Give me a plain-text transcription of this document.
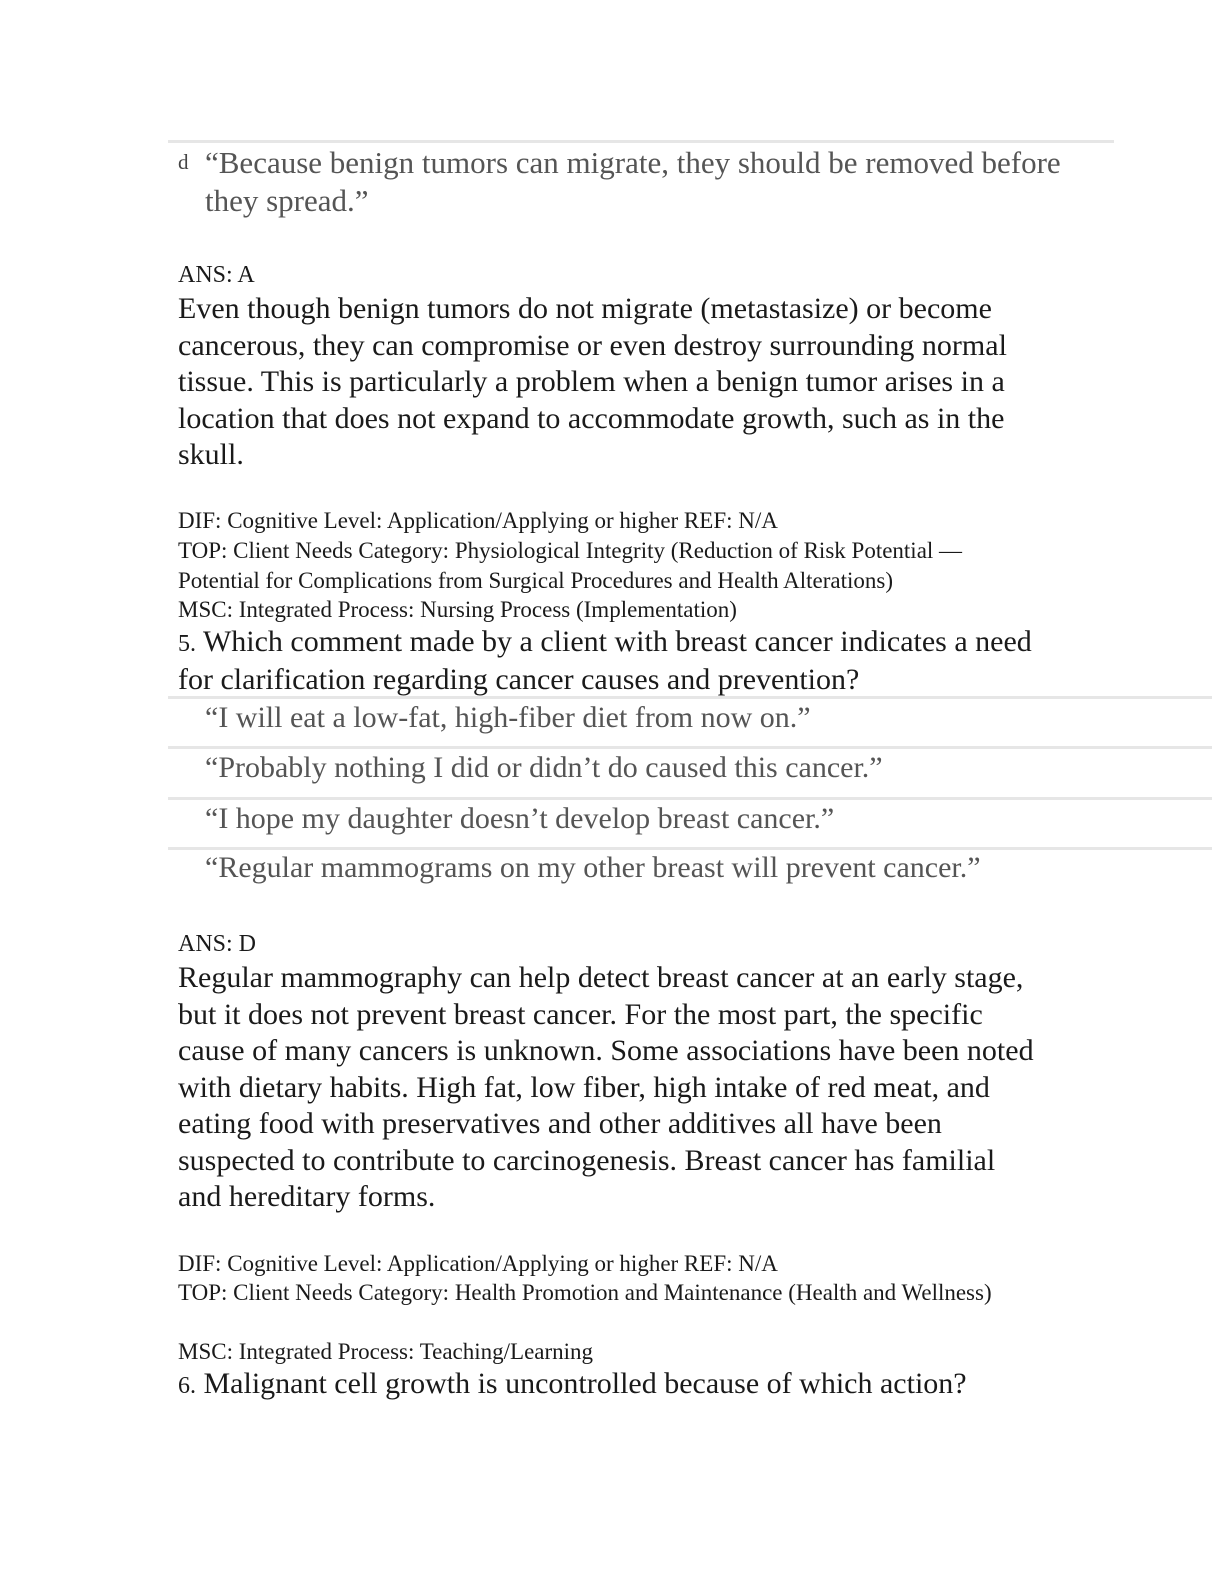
d “Because benign tumors can migrate, they should be removed before they spread.”
ANS: A
Even though benign tumors do not migrate (metastasize) or become cancerous, they can compromise or even destroy surrounding normal tissue. This is particularly a problem when a benign tumor arises in a location that does not expand to accommodate growth, such as in the skull.
DIF: Cognitive Level: Application/Applying or higher REF: N/A
TOP: Client Needs Category: Physiological Integrity (Reduction of Risk Potential —Potential for Complications from Surgical Procedures and Health Alterations)
MSC: Integrated Process: Nursing Process (Implementation)
5. Which comment made by a client with breast cancer indicates a need for clarification regarding cancer causes and prevention?
“I will eat a low-fat, high-fiber diet from now on.”
“Probably nothing I did or didn’t do caused this cancer.”
“I hope my daughter doesn’t develop breast cancer.”
“Regular mammograms on my other breast will prevent cancer.”
ANS: D
Regular mammography can help detect breast cancer at an early stage, but it does not prevent breast cancer. For the most part, the specific cause of many cancers is unknown. Some associations have been noted with dietary habits. High fat, low fiber, high intake of red meat, and eating food with preservatives and other additives all have been suspected to contribute to carcinogenesis. Breast cancer has familial and hereditary forms.
DIF: Cognitive Level: Application/Applying or higher REF: N/A
TOP: Client Needs Category: Health Promotion and Maintenance (Health and Wellness)
MSC: Integrated Process: Teaching/Learning
6. Malignant cell growth is uncontrolled because of which action?
